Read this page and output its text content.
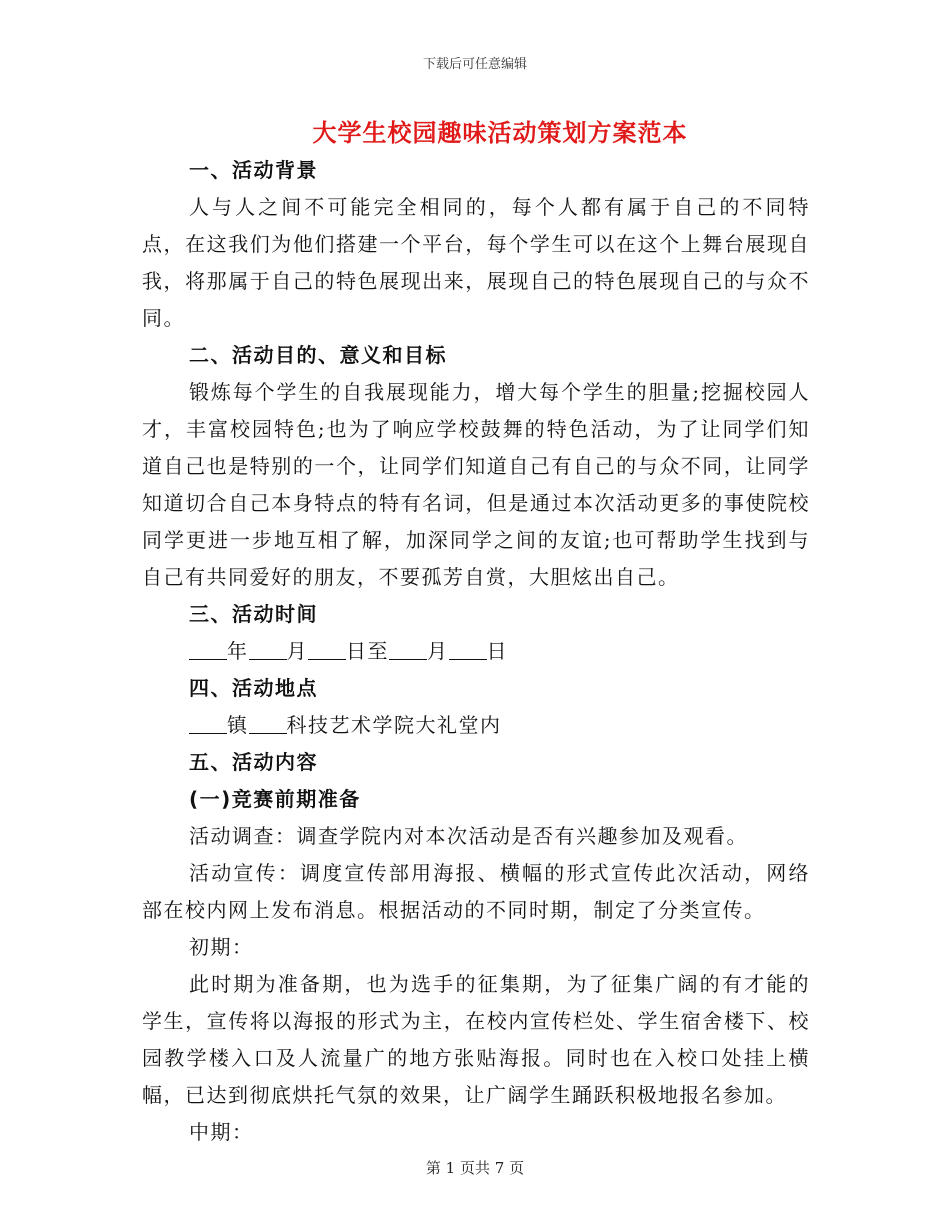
下载后可任意编辑
大学生校园趣味活动策划方案范本
一、活动背景
人与人之间不可能完全相同的，每个人都有属于自己的不同特点，在这我们为他们搭建一个平台，每个学生可以在这个上舞台展现自我，将那属于自己的特色展现出来，展现自己的特色展现自己的与众不同。
二、活动目的、意义和目标
锻炼每个学生的自我展现能力，增大每个学生的胆量;挖掘校园人才，丰富校园特色;也为了响应学校鼓舞的特色活动，为了让同学们知道自己也是特别的一个，让同学们知道自己有自己的与众不同，让同学知道切合自己本身特点的特有名词，但是通过本次活动更多的事使院校同学更进一步地互相了解，加深同学之间的友谊;也可帮助学生找到与自己有共同爱好的朋友，不要孤芳自赏，大胆炫出自己。
三、活动时间
年 月 日至 月 日
四、活动地点
镇 科技艺术学院大礼堂内
五、活动内容
(一)竞赛前期准备
活动调查：调查学院内对本次活动是否有兴趣参加及观看。
活动宣传：调度宣传部用海报、横幅的形式宣传此次活动，网络部在校内网上发布消息。根据活动的不同时期，制定了分类宣传。
初期：
此时期为准备期，也为选手的征集期，为了征集广阔的有才能的学生，宣传将以海报的形式为主，在校内宣传栏处、学生宿舍楼下、校园教学楼入口及人流量广的地方张贴海报。同时也在入校口处挂上横幅，已达到彻底烘托气氛的效果，让广阔学生踊跃积极地报名参加。
中期：
第 1 页共 7 页
